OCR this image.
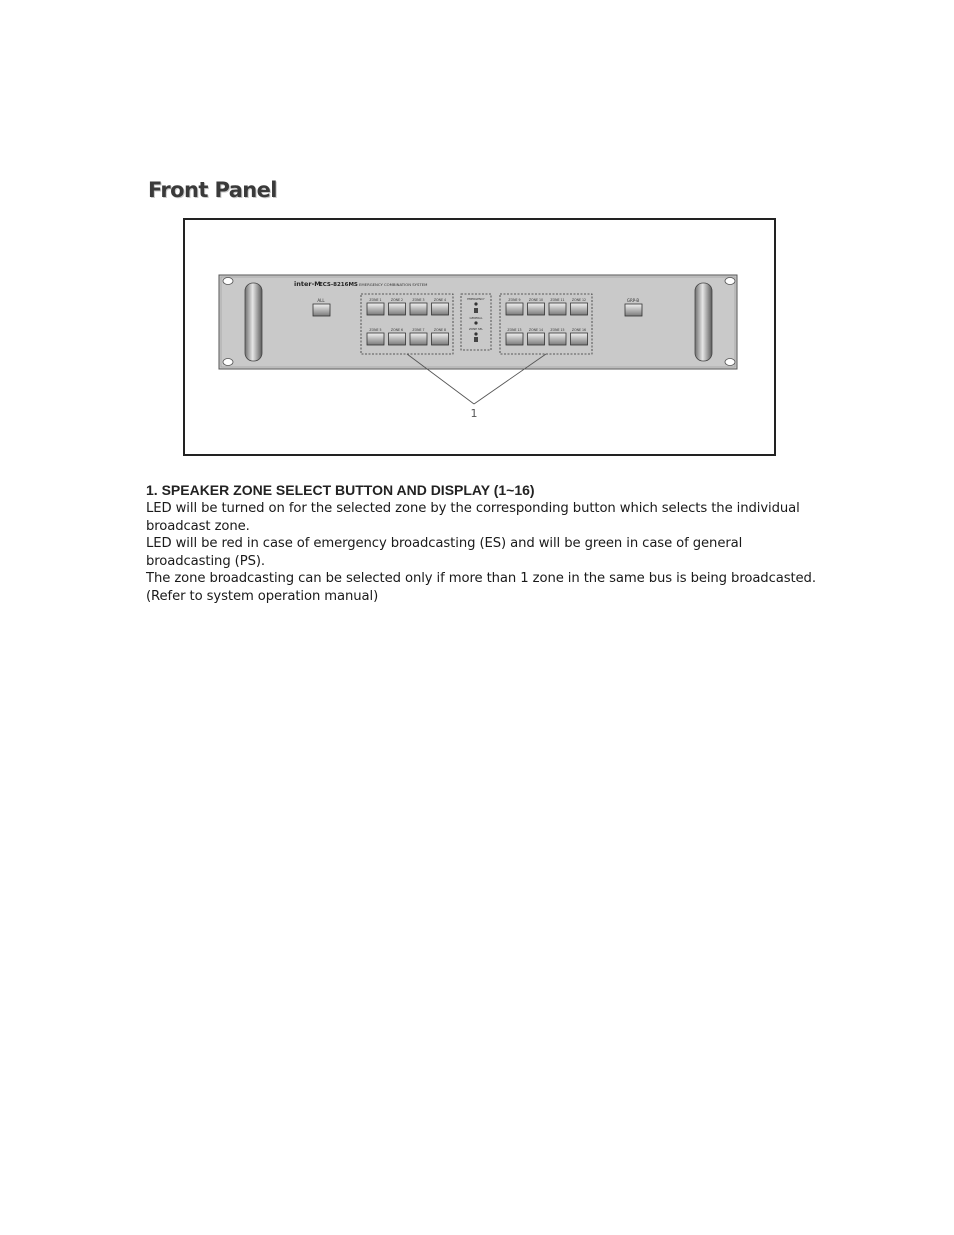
Front Panel
inter-M
ECS-8216MS EMERGENCY COMBINATION SYSTEM
ALL	GRP-B
EMERGENCY
GENERAL
ZONE SEL
ZONE 1	ZONE 2	ZONE 3	ZONE 4
ZONE 5	ZONE 6	ZONE 7	ZONE 8
ZONE 9	ZONE 10 ZONE 11 ZONE 12
ZONE 13 ZONE 14 ZONE 15 ZONE 16
1
1. SPEAKER ZONE SELECT BUTTON AND DISPLAY (1~16)

LED will be turned on for the selected zone by the corresponding button which selects the individual broadcast zone.

LED will be red in case of emergency broadcasting (ES) and will be green in case of general broadcasting (PS).

The zone broadcasting can be selected only if more than 1 zone in the same bus is being broadcasted.

(Refer to system operation manual)
